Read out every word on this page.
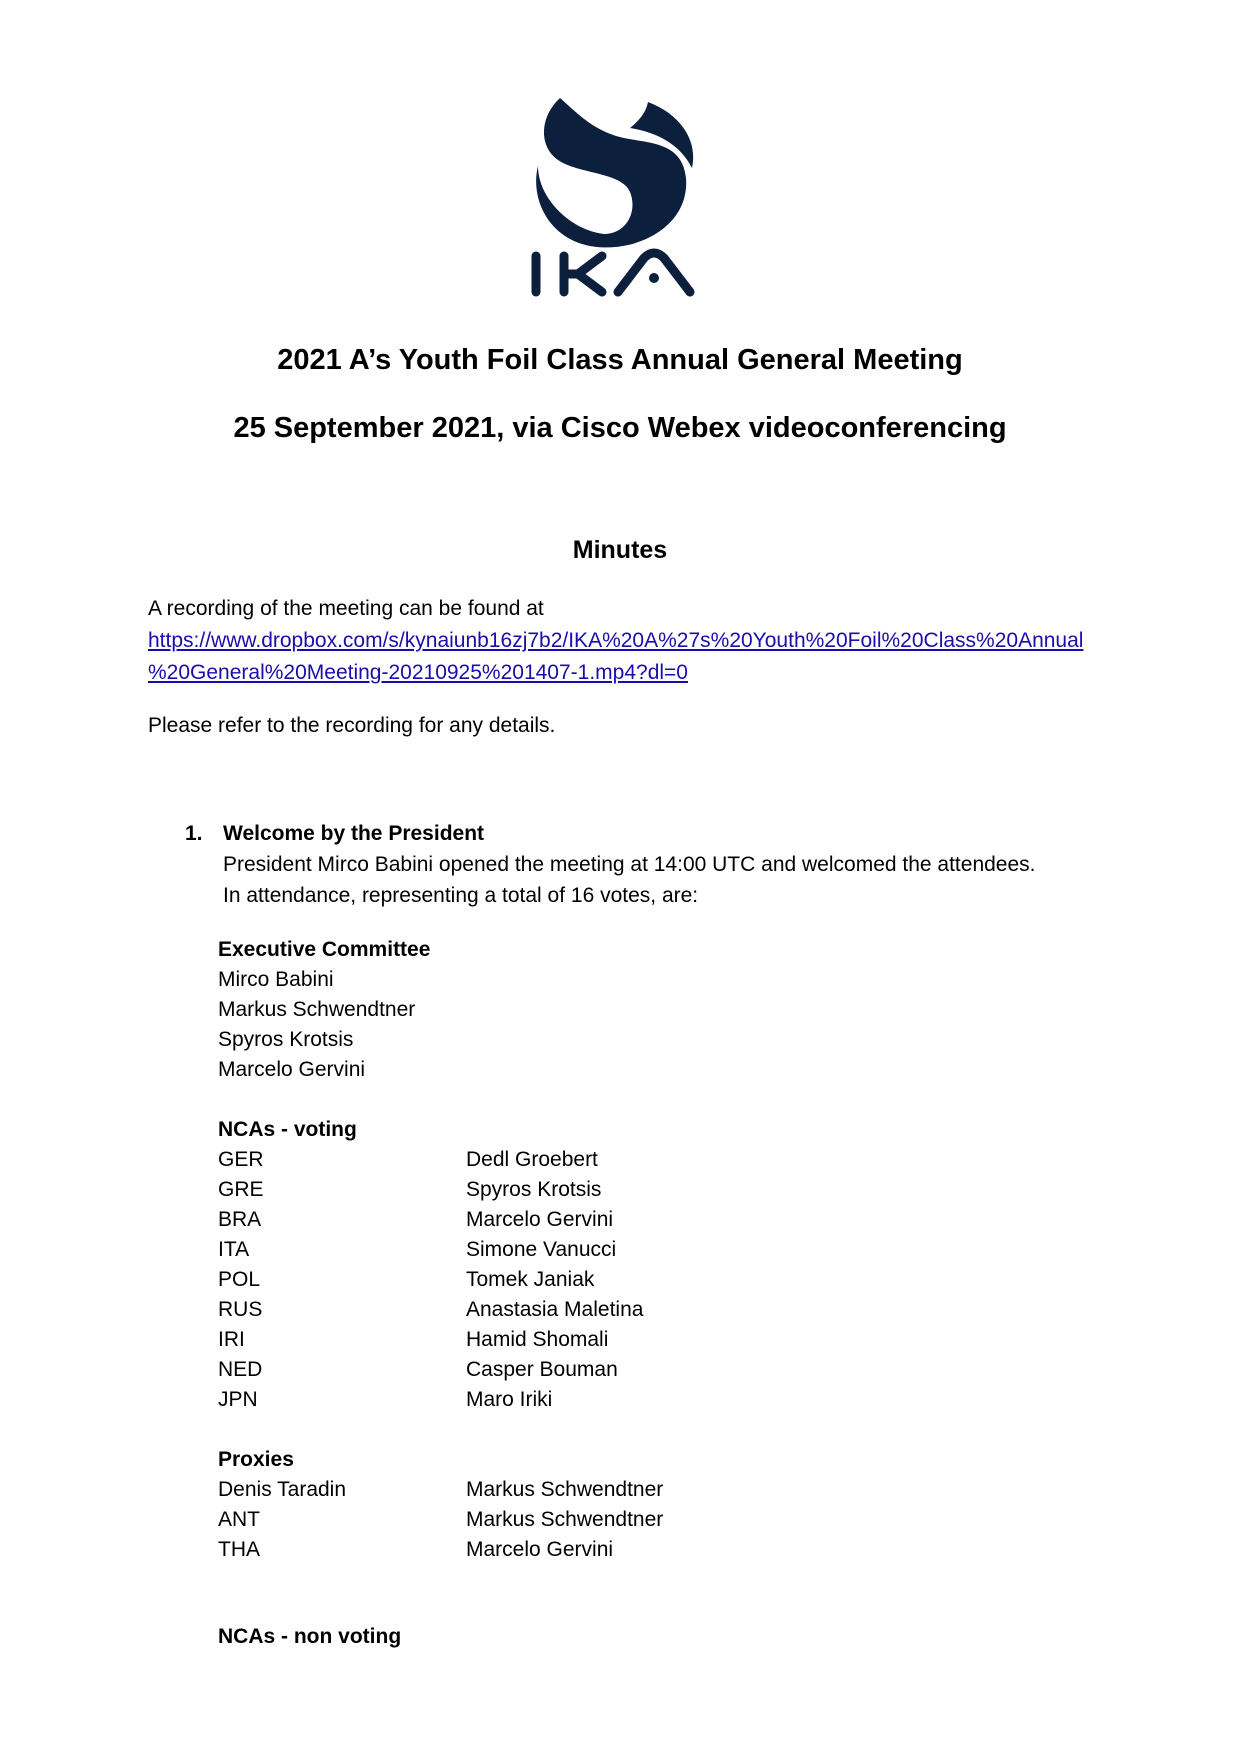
2021 A’s Youth Foil Class Annual General Meeting
25 September 2021, via Cisco Webex videoconferencing
Minutes
A recording of the meeting can be found at
https://www.dropbox.com/s/kynaiunb16zj7b2/IKA%20A%27s%20Youth%20Foil%20Class%20Annual
%20General%20Meeting-20210925%201407-1.mp4?dl=0
Please refer to the recording for any details.
1. Welcome by the President
President Mirco Babini opened the meeting at 14:00 UTC and welcomed the attendees.
In attendance, representing a total of 16 votes, are:
Executive Committee
Mirco Babini
Markus Schwendtner
Spyros Krotsis
Marcelo Gervini
NCAs - voting
GER	Dedl Groebert
GRE	Spyros Krotsis
BRA	Marcelo Gervini
ITA	Simone Vanucci
POL	Tomek Janiak
RUS	Anastasia Maletina
IRI	Hamid Shomali
NED	Casper Bouman
JPN	Maro Iriki
Proxies
Denis Taradin	Markus Schwendtner
ANT	Markus Schwendtner
THA	Marcelo Gervini
NCAs - non voting
